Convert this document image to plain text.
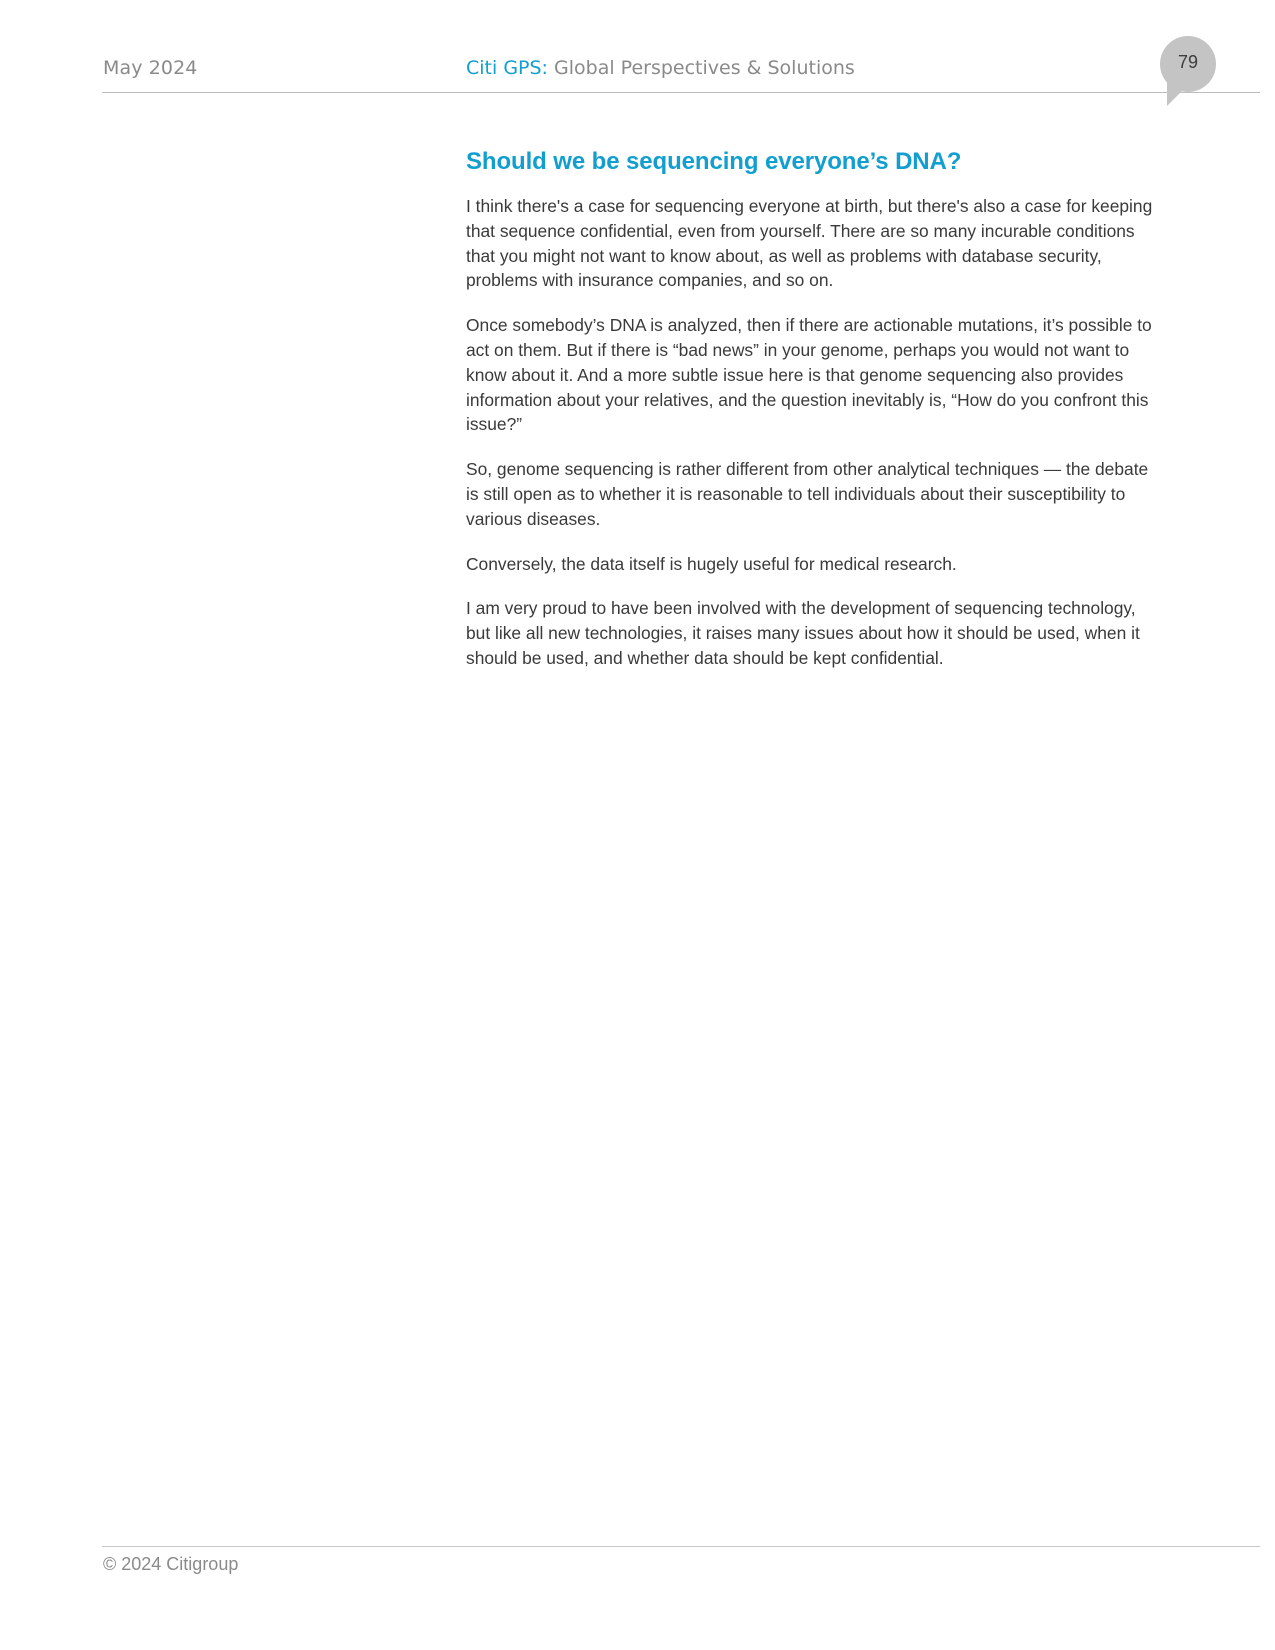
May 2024	Citi GPS: Global Perspectives & Solutions	79
Should we be sequencing everyone’s DNA?

I think there's a case for sequencing everyone at birth, but there's also a case for keeping that sequence confidential, even from yourself. There are so many incurable conditions that you might not want to know about, as well as problems with database security, problems with insurance companies, and so on.

Once somebody’s DNA is analyzed, then if there are actionable mutations, it’s possible to act on them. But if there is “bad news” in your genome, perhaps you would not want to know about it. And a more subtle issue here is that genome sequencing also provides information about your relatives, and the question inevitably is, “How do you confront this issue?”

So, genome sequencing is rather different from other analytical techniques — the debate is still open as to whether it is reasonable to tell individuals about their susceptibility to various diseases.

Conversely, the data itself is hugely useful for medical research.

I am very proud to have been involved with the development of sequencing technology, but like all new technologies, it raises many issues about how it should be used, when it should be used, and whether data should be kept confidential.

© 2024 Citigroup
